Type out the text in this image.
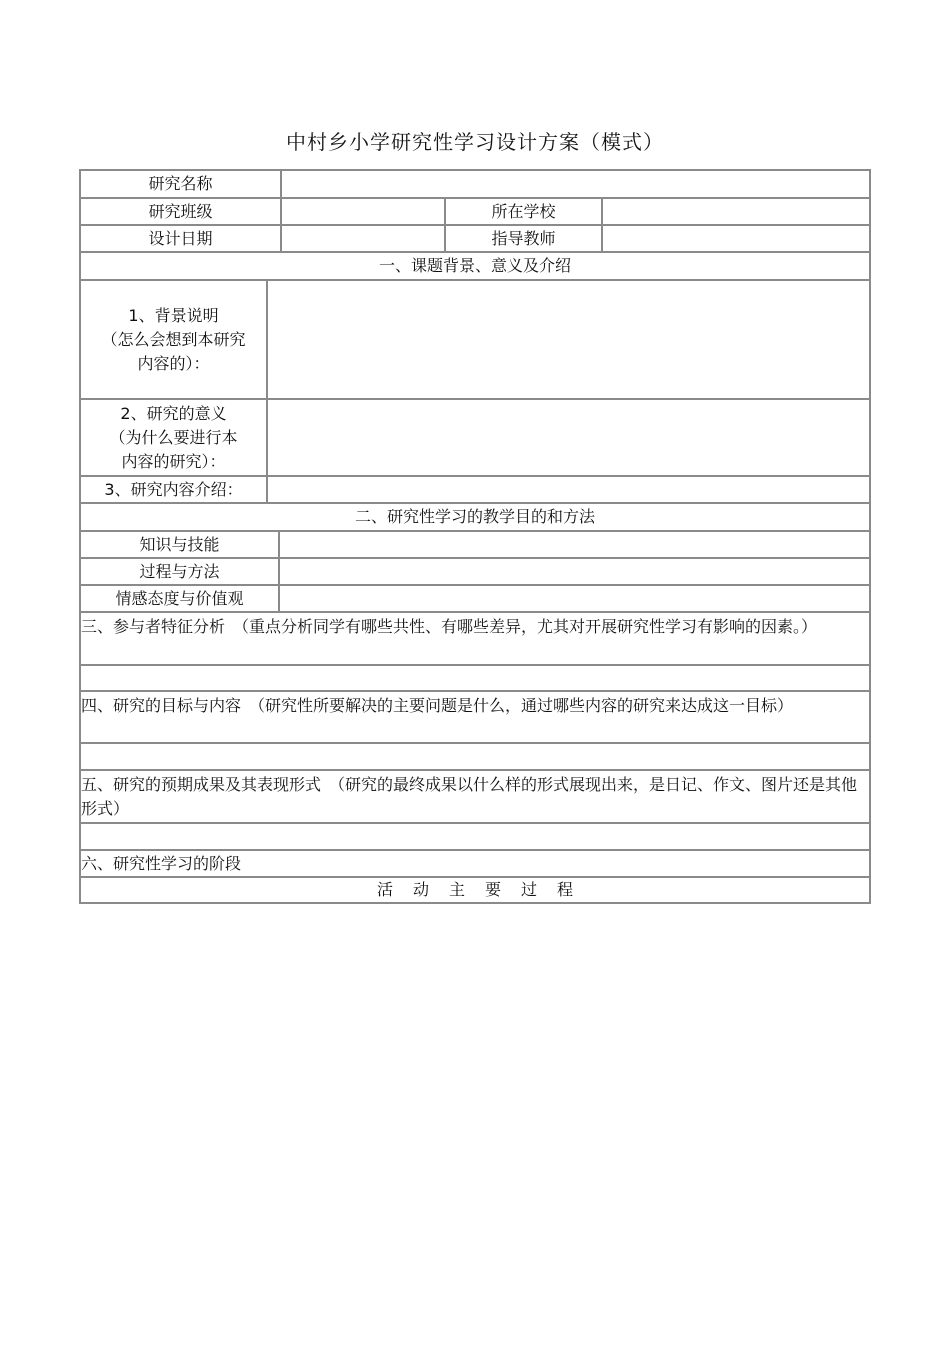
中村乡小学研究性学习设计方案（模式）
研究名称
研究班级	所在学校
设计日期	指导教师
一、课题背景、意义及介绍
1、背景说明
（怎么会想到本研究
内容的）：
2、研究的意义
（为什么要进行本
内容的研究）：
3、研究内容介绍：
二、研究性学习的教学目的和方法
知识与技能
过程与方法
情感态度与价值观
三、参与者特征分析　（重点分析同学有哪些共性、有哪些差异，尤其对开展研究性学习有影响的因素。）
四、研究的目标与内容　（研究性所要解决的主要问题是什么，通过哪些内容的研究来达成这一目标）
五、研究的预期成果及其表现形式　（研究的最终成果以什么样的形式展现出来，是日记、作文、图片还是其他形式）
六、研究性学习的阶段
活动主要过程
